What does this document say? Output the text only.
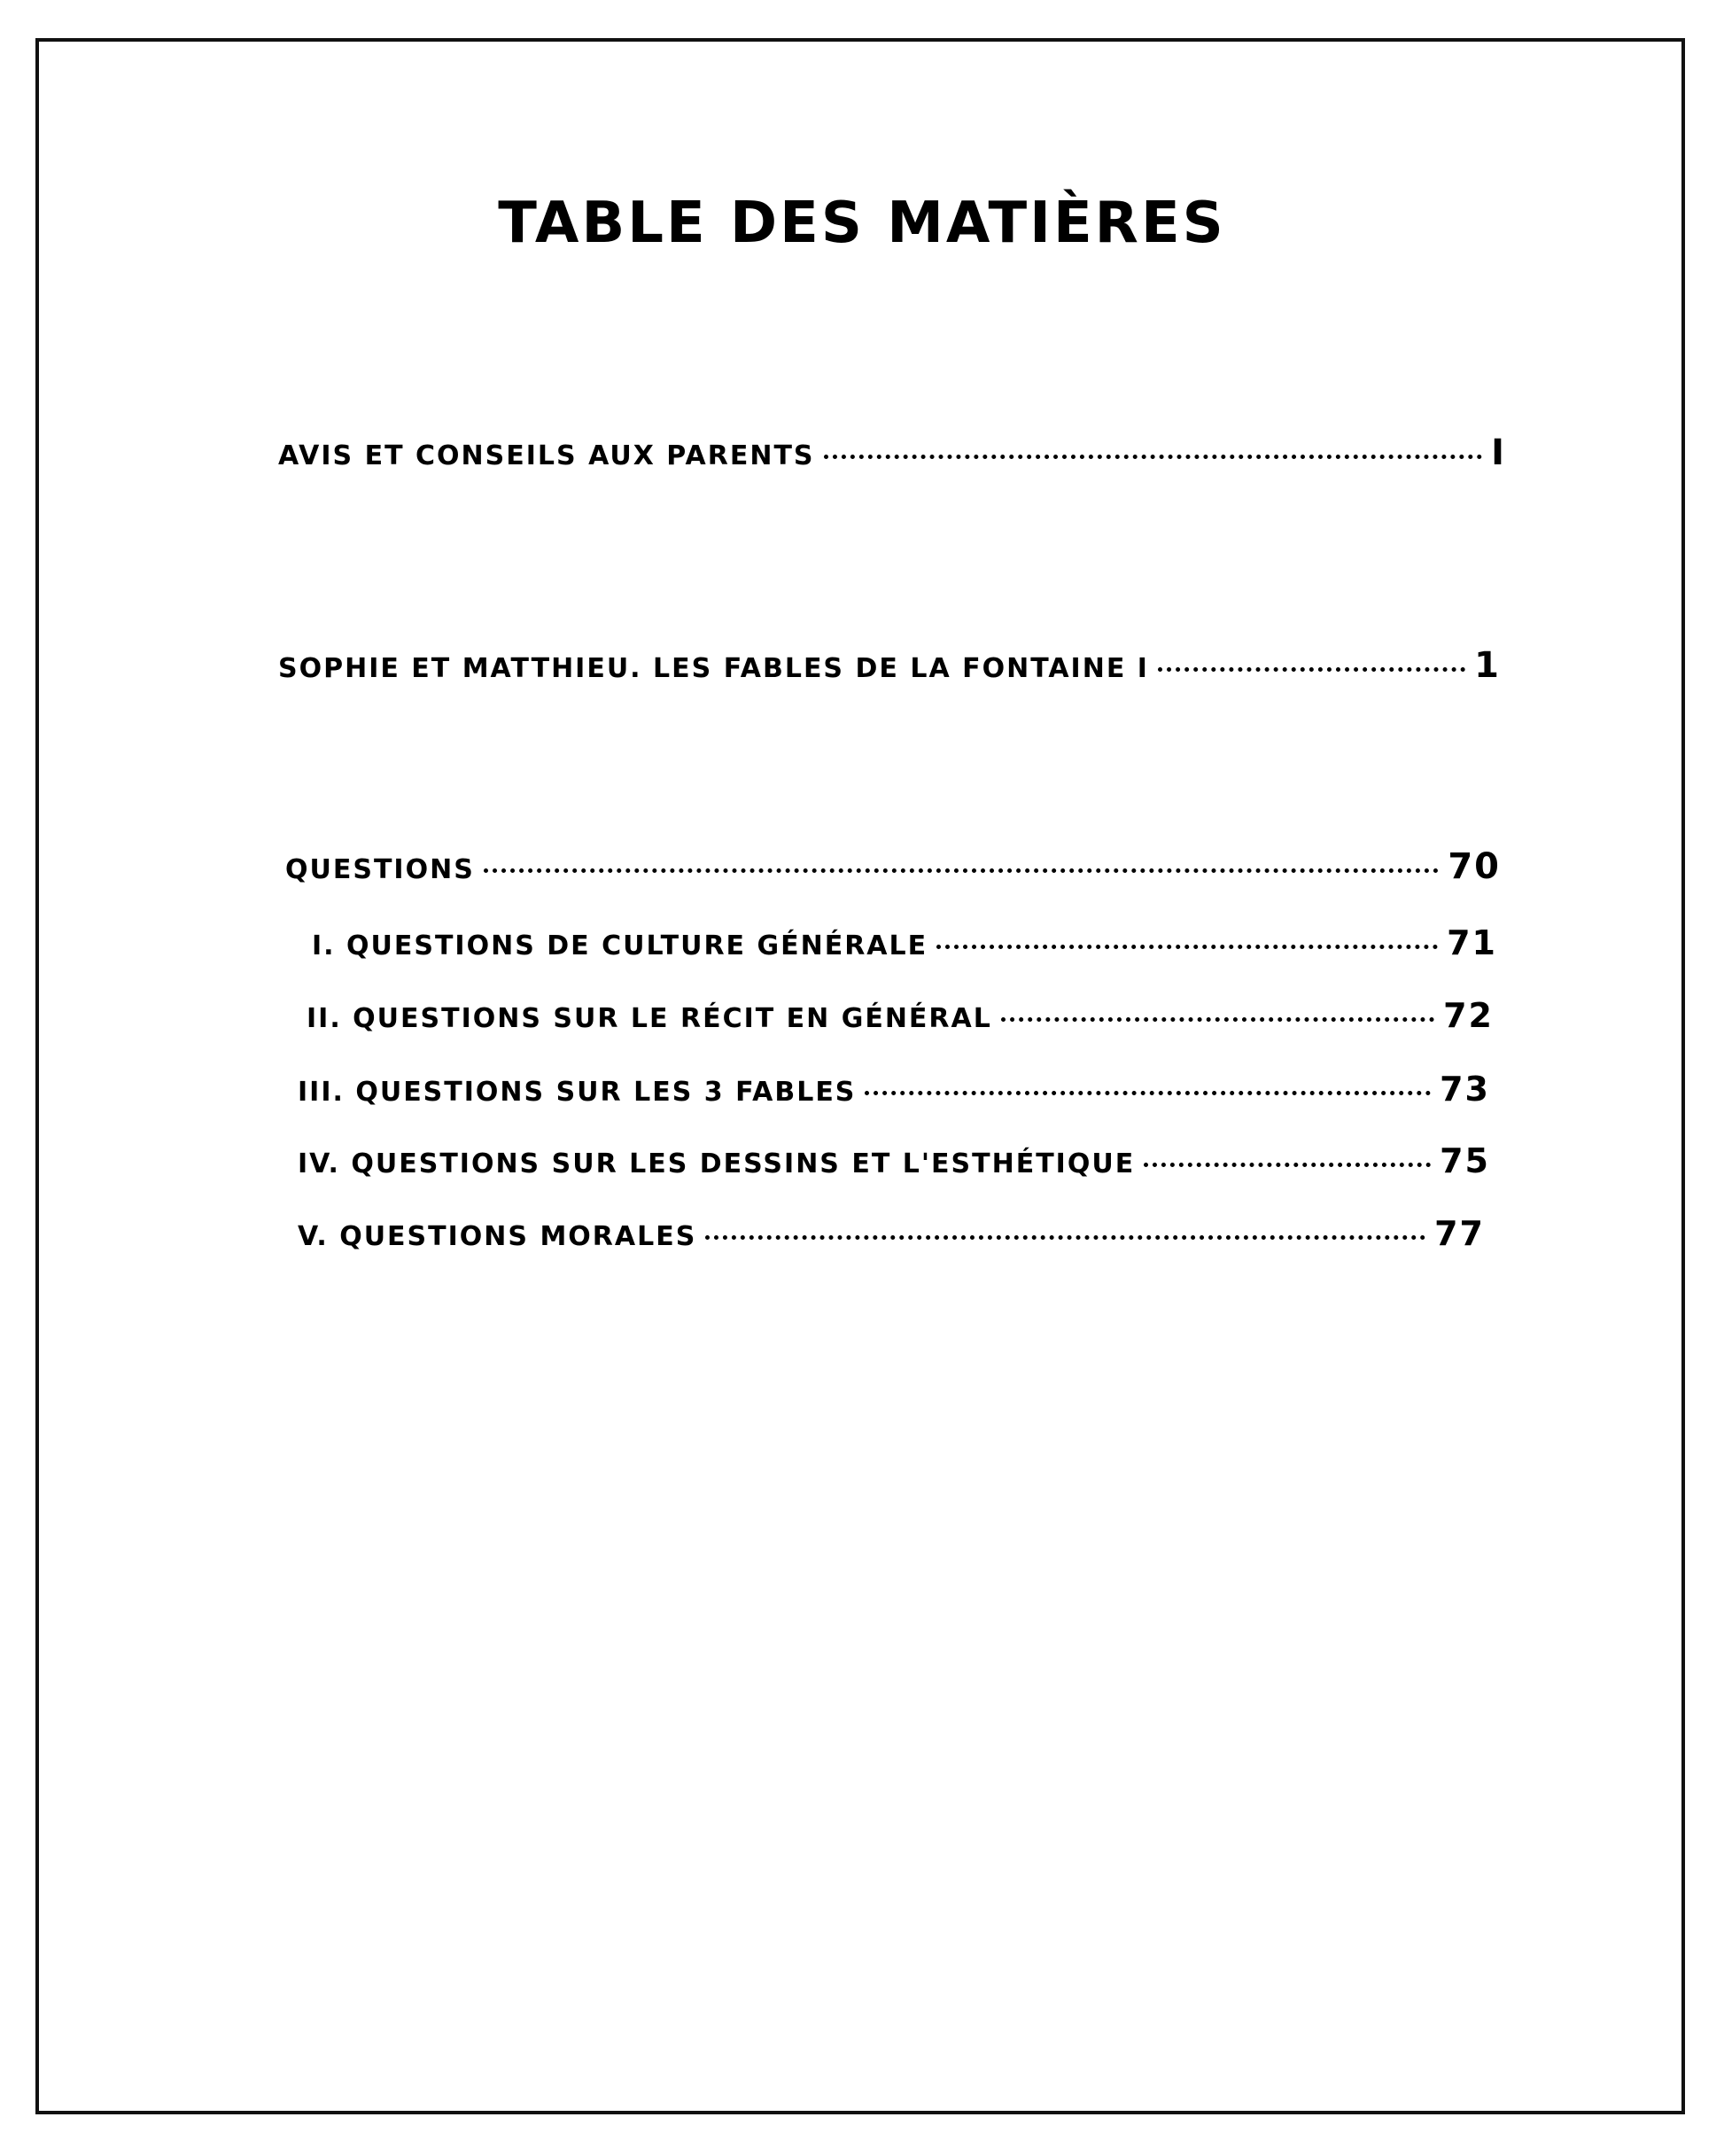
TABLE DES MATIÈRES
AVIS ET CONSEILS AUX PARENTS	I
SOPHIE ET MATTHIEU. LES FABLES DE LA FONTAINE I	1
QUESTIONS	70
I. QUESTIONS DE CULTURE GÉNÉRALE	71
II. QUESTIONS SUR LE RÉCIT EN GÉNÉRAL	72
III. QUESTIONS SUR LES 3 FABLES	73
IV. QUESTIONS SUR LES DESSINS ET L'ESTHÉTIQUE	75
V. QUESTIONS MORALES	77
